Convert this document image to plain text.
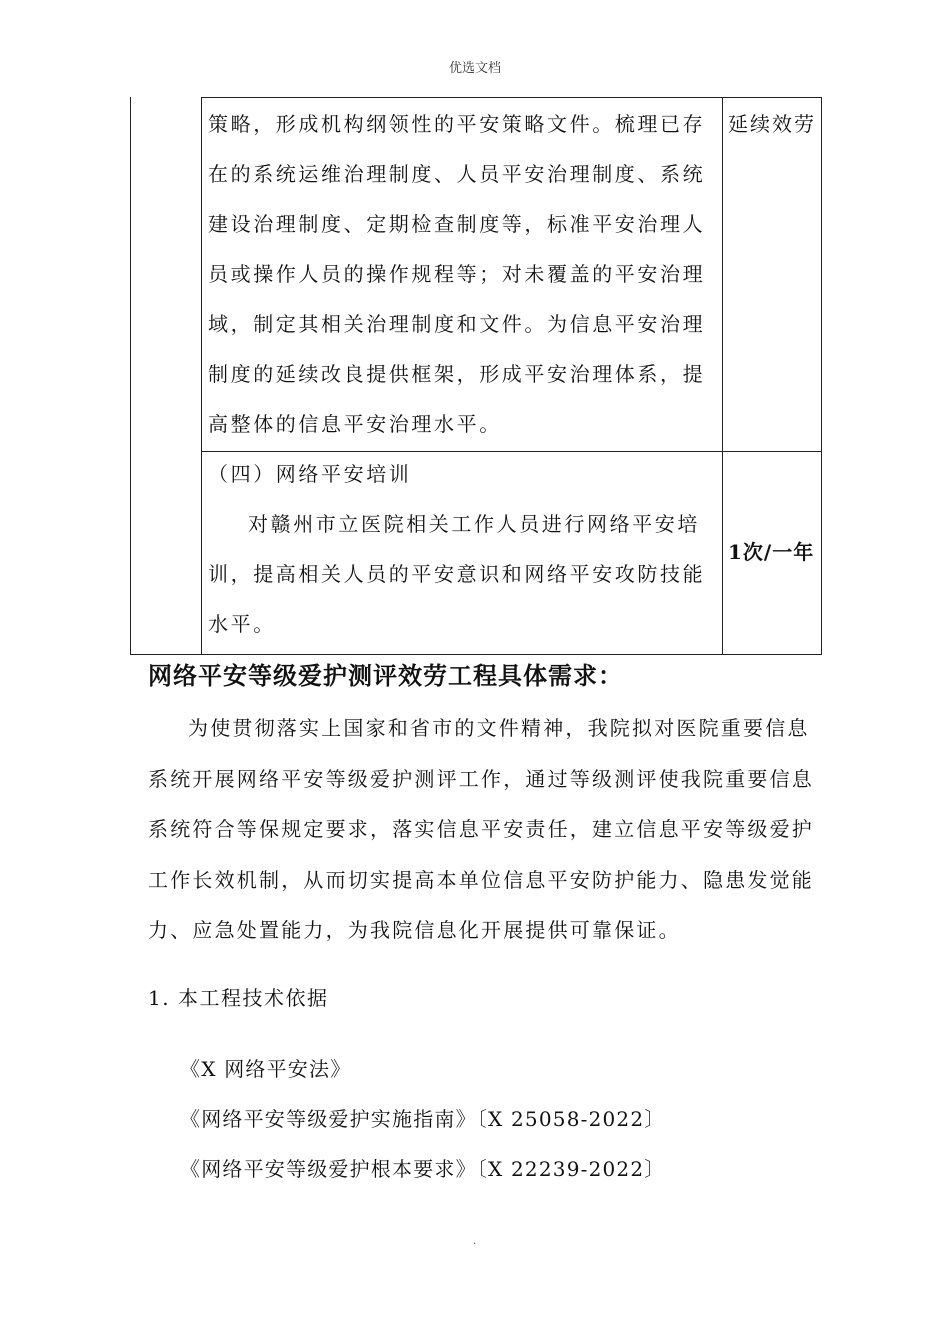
优选文档

策略，形成机构纲领性的平安策略文件。梳理已存

在的系统运维治理制度、人员平安治理制度、系统

建设治理制度、定期检查制度等，标准平安治理人

员或操作人员的操作规程等；对未覆盖的平安治理

域，制定其相关治理制度和文件。为信息平安治理

制度的延续改良提供框架，形成平安治理体系，提

高整体的信息平安治理水平。

延续效劳

（四）网络平安培训

对赣州市立医院相关工作人员进行网络平安培

训，提高相关人员的平安意识和网络平安攻防技能

水平。

1次/一年
网络平安等级爱护测评效劳工程具体需求：

为使贯彻落实上国家和省市的文件精神，我院拟对医院重要信息系统开展网络平安等级爱护测评工作，通过等级测评使我院重要信息系统符合等保规定要求，落实信息平安责任，建立信息平安等级爱护工作长效机制，从而切实提高本单位信息平安防护能力、隐患发觉能力、应急处置能力，为我院信息化开展提供可靠保证。

1. 本工程技术依据

《X 网络平安法》
《网络平安等级爱护实施指南》〔X 25058-2022〕
《网络平安等级爱护根本要求》〔X 22239-2022〕
.
